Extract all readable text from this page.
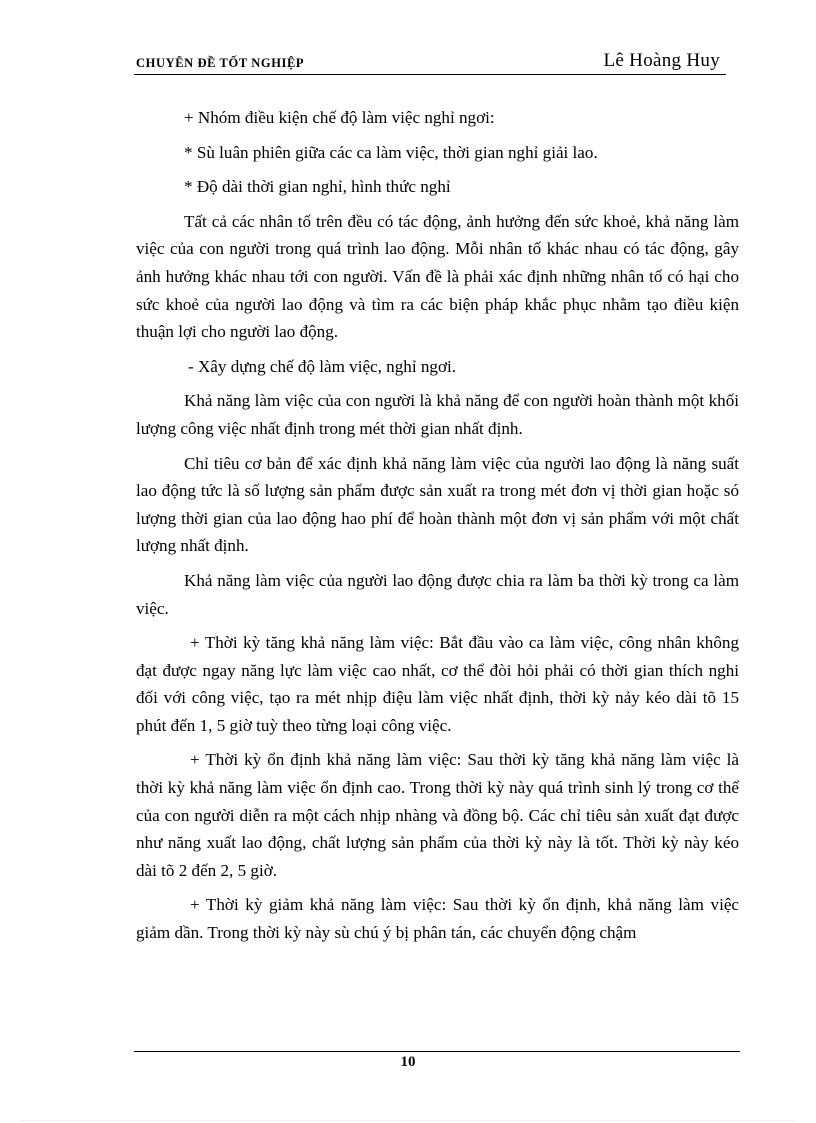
CHUYÊN ĐỀ TỐT NGHIỆP	Lê Hoàng Huy

+ Nhóm điều kiện chế độ làm việc nghỉ ngơi:

* Sù luân phiên giữa các ca làm việc, thời gian nghỉ giải lao.

* Độ dài thời gian nghỉ, hình thức nghỉ

Tất cả các nhân tố trên đều có tác động, ảnh hưởng đến sức khoẻ, khả năng làm việc của con người trong quá trình lao động. Mỗi nhân tố khác nhau có tác động, gây ảnh hưởng khác nhau tới con người. Vấn đề là phải xác định những nhân tố có hại cho sức khoẻ của người lao động và tìm ra các biện pháp khắc phục nhằm tạo điều kiện thuận lợi cho người lao động.

- Xây dựng chế độ làm việc, nghỉ ngơi.

Khả năng làm việc của con người là khả năng để con người hoàn thành một khối lượng công việc nhất định trong mét thời gian nhất định.

Chỉ tiêu cơ bản để xác định khả năng làm việc của người lao động là năng suất lao động tức là số lượng sản phẩm được sản xuất ra trong mét đơn vị thời gian hoặc só lượng thời gian của lao động hao phí để hoàn thành một đơn vị sản phẩm với một chất lượng nhất định.

Khả năng làm việc của người lao động được chia ra làm ba thời kỳ trong ca làm việc.

+ Thời kỳ tăng khả năng làm việc: Bắt đầu vào ca làm việc, công nhân không đạt được ngay năng lực làm việc cao nhất, cơ thể đòi hỏi phải có thời gian thích nghi đối với công việc, tạo ra mét nhịp điệu làm việc nhất định, thời kỳ nảy kéo dài tõ 15 phút đến 1, 5 giờ tuỳ theo từng loại công việc.

+ Thời kỳ ổn định khả năng làm việc: Sau thời kỳ tăng khả năng làm việc là thời kỳ khả năng làm việc ổn định cao. Trong thời kỳ này quá trình sinh lý trong cơ thể của con người diễn ra một cách nhịp nhàng và đồng bộ. Các chỉ tiêu sản xuất đạt được như năng xuất lao động, chất lượng sản phẩm của thời kỳ này là tốt. Thời kỳ này kéo dài tõ 2 đến 2, 5 giờ.

+ Thời kỳ giảm khả năng làm việc: Sau thời kỳ ổn định, khả năng làm việc giảm dần. Trong thời kỳ này sù chú ý bị phân tán, các chuyển động chậm

10
